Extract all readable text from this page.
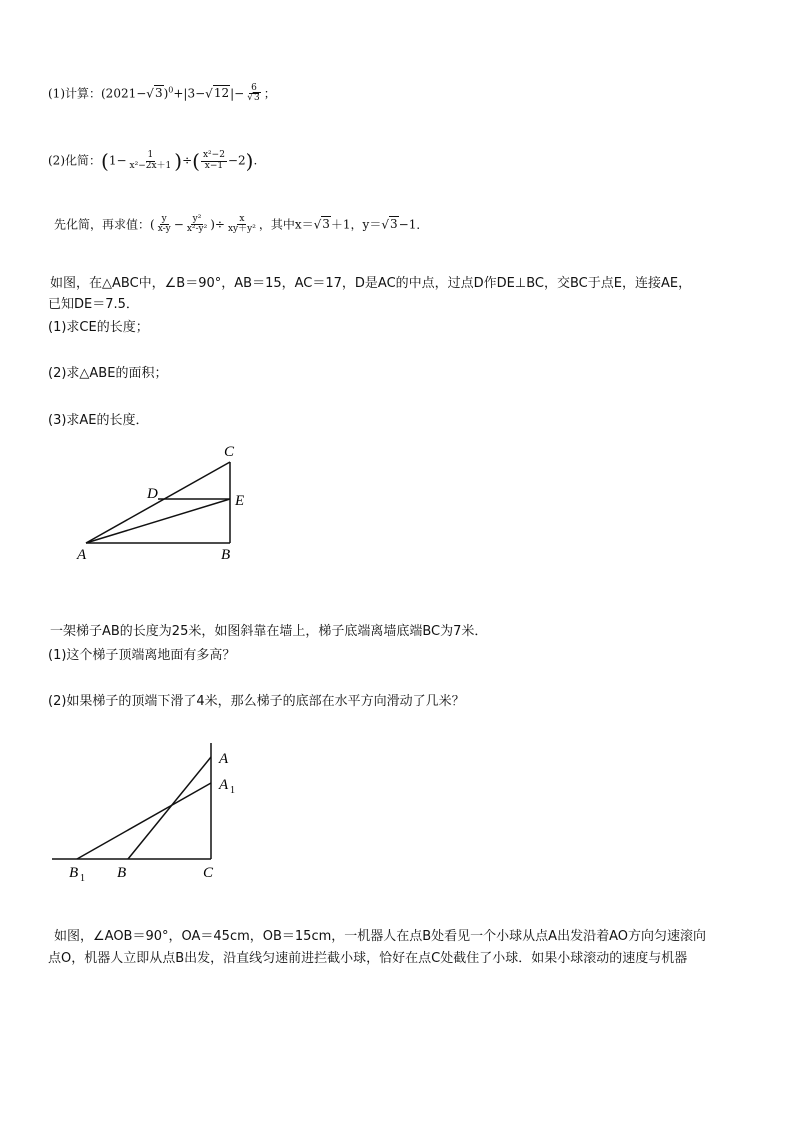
(1)计算：$(2021-√3)^0+|3-√12|- \frac{6}{√3}$ ；
(2)化简：($1- \frac{1}{\text{x²−2x＋1}}$ )÷( $\frac{\text{x²−2}}{x-1} -2$).
先化简，再求值：( $\frac{y}{x-y} - \frac{\text{y²}}{\text{x²-y²}}$ )÷ $\frac{x}{\text{xy＋y²}}$ ，其中x＝√3＋1，y＝√3−1．
如图，在△ABC中，∠B＝90°，AB＝15，AC＝17，D是AC的中点，过点D作DE⊥BC，交BC于点E，连接AE，
已知DE＝7.5．
(1)求CE的长度；
(2)求△ABE的面积；
(3)求AE的长度．
C
D	E
A	B
A
A 1
B 1 B	C
一架梯子AB的长度为25米，如图斜靠在墙上，梯子底端离墙底端BC为7米．
(1)这个梯子顶端离地面有多高？
(2)如果梯子的顶端下滑了4米，那么梯子的底部在水平方向滑动了几米？
如图，∠AOB＝90°，OA＝45cm，OB＝15cm，一机器人在点B处看见一个小球从点A出发沿着AO方向匀速滚向
点O，机器人立即从点B出发，沿直线匀速前进拦截小球，恰好在点C处截住了小球．如果小球滚动的速度与机器
